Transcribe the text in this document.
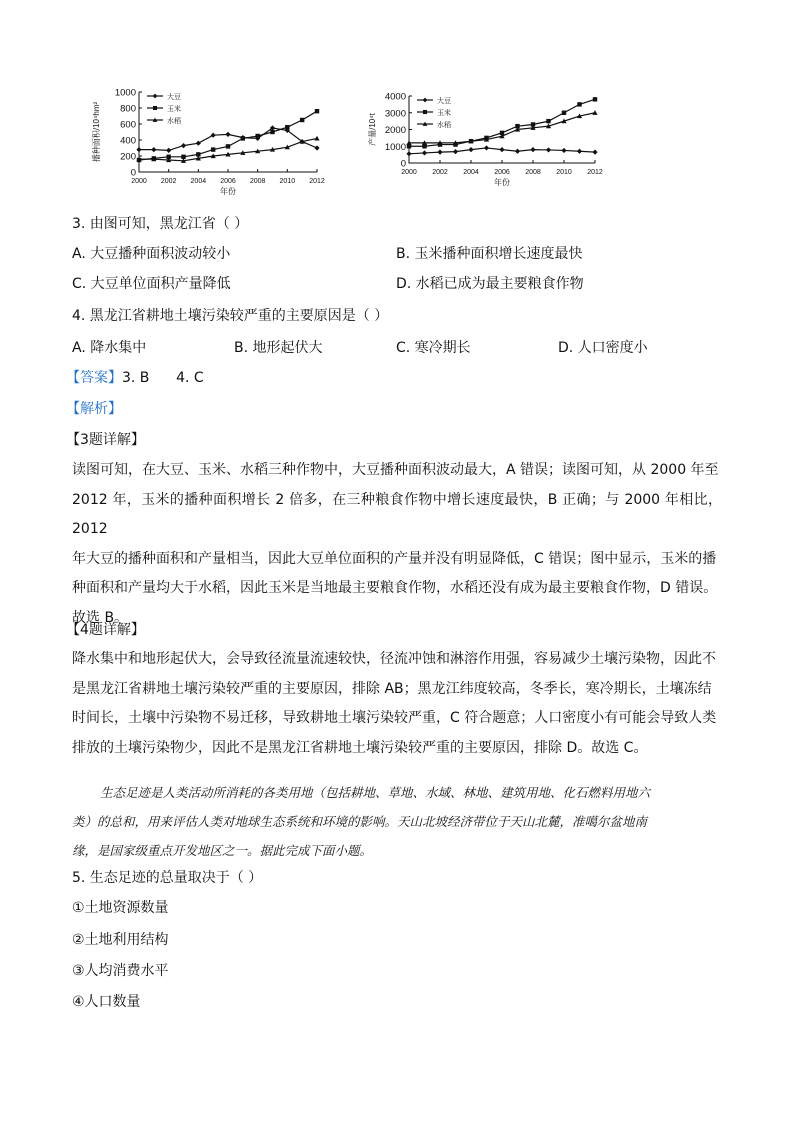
0
200
400
600
800
1000
2000 2002 2004 2006 2008 2010 2012
年份
播种面积/10⁴hm²
大豆
玉米
水稻
0
1000
2000
3000
4000
2000 2002 2004 2006 2008 2010 2012
年份
产量/10⁴t
大豆
玉米
水稻
3. 由图可知，黑龙江省（ ）
A. 大豆播种面积波动较小	B. 玉米播种面积增长速度最快
C. 大豆单位面积产量降低	D. 水稻已成为最主要粮食作物
4. 黑龙江省耕地土壤污染较严重的主要原因是（ ）
A. 降水集中	B. 地形起伏大	C. 寒冷期长	D. 人口密度小
【答案】3. B      4. C
【解析】
【3题详解】
读图可知，在大豆、玉米、水稻三种作物中，大豆播种面积波动最大，A 错误；读图可知，从 2000 年至
2012 年，玉米的播种面积增长 2 倍多，在三种粮食作物中增长速度最快，B 正确；与 2000 年相比，2012
年大豆的播种面积和产量相当，因此大豆单位面积的产量并没有明显降低，C 错误；图中显示，玉米的播
种面积和产量均大于水稻，因此玉米是当地最主要粮食作物，水稻还没有成为最主要粮食作物，D 错误。
故选 B。
【4题详解】
降水集中和地形起伏大，会导致径流量流速较快，径流冲蚀和淋溶作用强，容易减少土壤污染物，因此不
是黑龙江省耕地土壤污染较严重的主要原因，排除 AB；黑龙江纬度较高，冬季长，寒冷期长，土壤冻结
时间长，土壤中污染物不易迁移，导致耕地土壤污染较严重，C 符合题意；人口密度小有可能会导致人类
排放的土壤污染物少，因此不是黑龙江省耕地土壤污染较严重的主要原因，排除 D。故选 C。
生态足迹是人类活动所消耗的各类用地（包括耕地、草地、水域、林地、建筑用地、化石燃料用地六
类）的总和，用来评估人类对地球生态系统和环境的影响。天山北坡经济带位于天山北麓，准噶尔盆地南
缘，是国家级重点开发地区之一。据此完成下面小题。
5. 生态足迹的总量取决于（ ）
①土地资源数量
②土地利用结构
③人均消费水平
④人口数量
